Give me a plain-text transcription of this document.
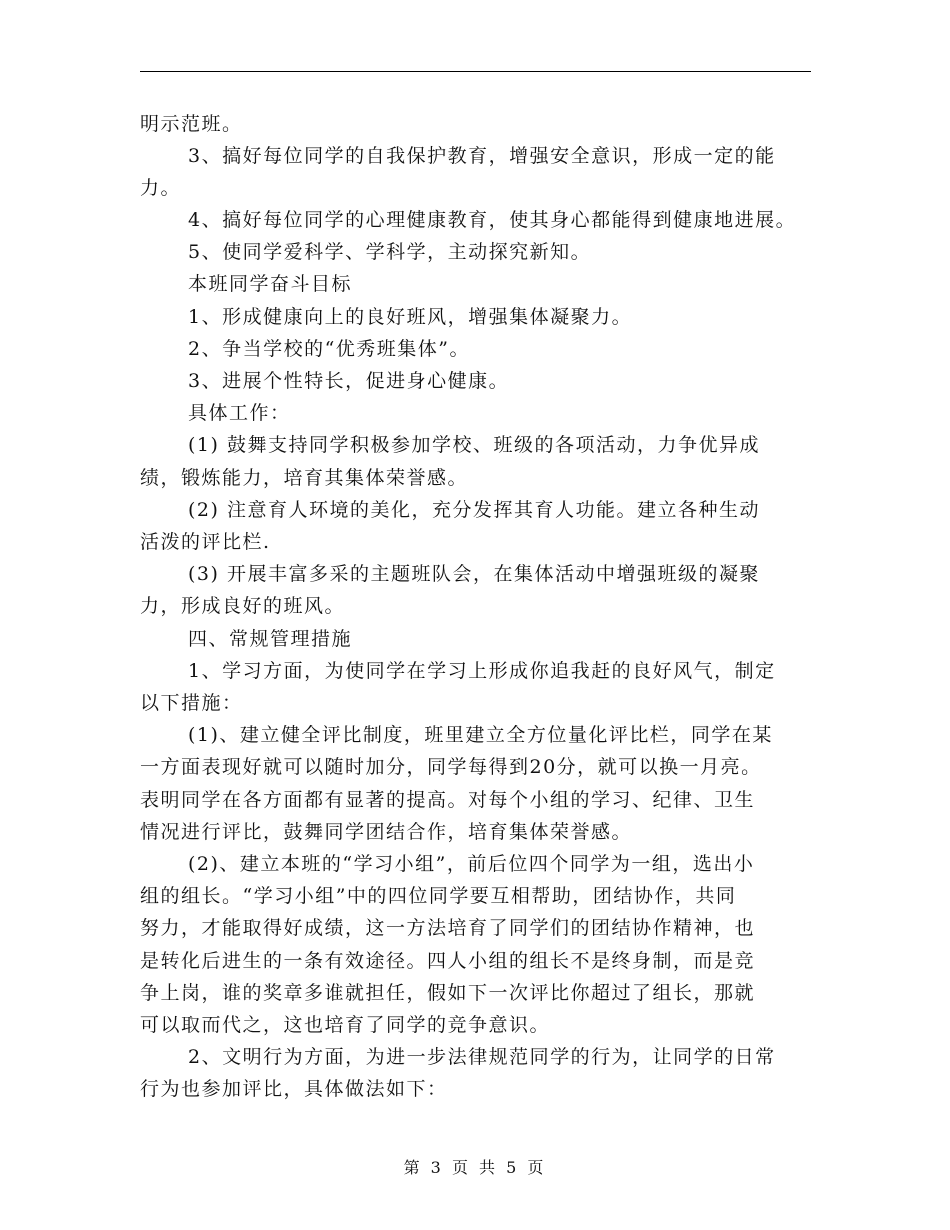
明示范班。
3、搞好每位同学的自我保护教育，增强安全意识，形成一定的能
力。
4、搞好每位同学的心理健康教育，使其身心都能得到健康地进展。
5、使同学爱科学、学科学，主动探究新知。
本班同学奋斗目标
1、形成健康向上的良好班风，增强集体凝聚力。
2、争当学校的“优秀班集体”。
3、进展个性特长，促进身心健康。
具体工作：
(1) 鼓舞支持同学积极参加学校、班级的各项活动，力争优异成
绩，锻炼能力，培育其集体荣誉感。
(2) 注意育人环境的美化，充分发挥其育人功能。建立各种生动
活泼的评比栏.
(3) 开展丰富多采的主题班队会，在集体活动中增强班级的凝聚
力，形成良好的班风。
四、常规管理措施
1、学习方面，为使同学在学习上形成你追我赶的良好风气，制定
以下措施：
(1)、建立健全评比制度，班里建立全方位量化评比栏，同学在某
一方面表现好就可以随时加分，同学每得到20分，就可以换一月亮。
表明同学在各方面都有显著的提高。对每个小组的学习、纪律、卫生
情况进行评比，鼓舞同学团结合作，培育集体荣誉感。
(2)、建立本班的“学习小组”，前后位四个同学为一组，选出小
组的组长。“学习小组”中的四位同学要互相帮助，团结协作，共同
努力，才能取得好成绩，这一方法培育了同学们的团结协作精神，也
是转化后进生的一条有效途径。四人小组的组长不是终身制，而是竞
争上岗，谁的奖章多谁就担任，假如下一次评比你超过了组长，那就
可以取而代之，这也培育了同学的竞争意识。
2、文明行为方面，为进一步法律规范同学的行为，让同学的日常
行为也参加评比，具体做法如下：
第 3 页 共 5 页
